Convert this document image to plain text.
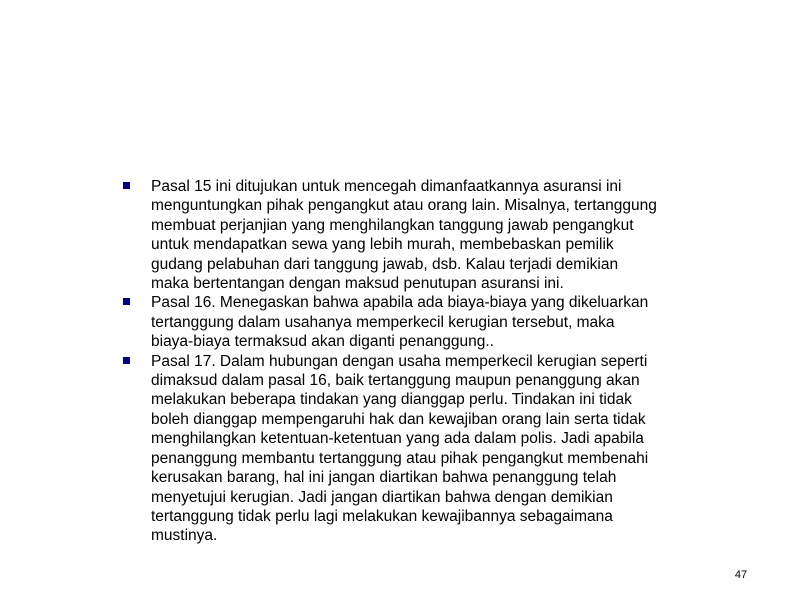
Pasal 15 ini ditujukan untuk mencegah dimanfaatkannya asuransi ini
menguntungkan pihak pengangkut atau orang lain. Misalnya, tertanggung
membuat perjanjian yang menghilangkan tanggung jawab pengangkut
untuk mendapatkan sewa yang lebih murah, membebaskan pemilik
gudang pelabuhan dari tanggung jawab, dsb. Kalau terjadi demikian
maka bertentangan dengan maksud penutupan asuransi ini.
Pasal 16. Menegaskan bahwa apabila ada biaya-biaya yang dikeluarkan
tertanggung dalam usahanya memperkecil kerugian tersebut, maka
biaya-biaya termaksud akan diganti penanggung..
Pasal 17. Dalam hubungan dengan usaha memperkecil kerugian seperti
dimaksud dalam pasal 16, baik tertanggung maupun penanggung akan
melakukan beberapa tindakan yang dianggap perlu. Tindakan ini tidak
boleh dianggap mempengaruhi hak dan kewajiban orang lain serta tidak
menghilangkan ketentuan-ketentuan yang ada dalam polis. Jadi apabila
penanggung membantu tertanggung atau pihak pengangkut membenahi
kerusakan barang, hal ini jangan diartikan bahwa penanggung telah
menyetujui kerugian. Jadi jangan diartikan bahwa dengan demikian
tertanggung tidak perlu lagi melakukan kewajibannya sebagaimana
mustinya.
47
